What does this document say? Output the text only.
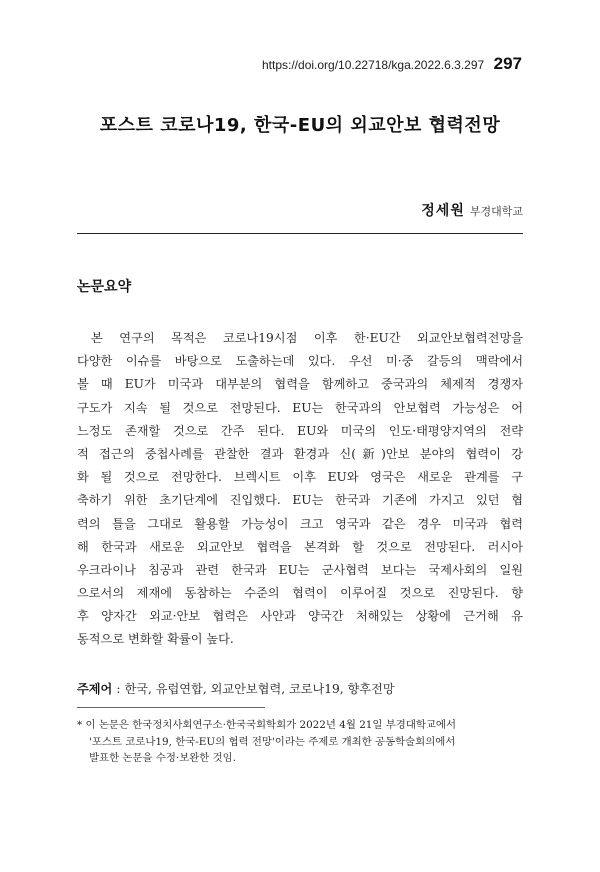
https://doi.org/10.22718/kga.2022.6.3.297 297
포스트 코로나19, 한국-EU의 외교안보 협력전망
정세원 부경대학교
논문요약
본 연구의 목적은 코로나19시점 이후 한·EU간 외교안보협력전망을
다양한 이슈를 바탕으로 도출하는데 있다. 우선 미·중 갈등의 맥락에서
볼 때 EU가 미국과 대부분의 협력을 함께하고 중국과의 체제적 경쟁자
구도가 지속 될 것으로 전망된다. EU는 한국과의 안보협력 가능성은 어
느정도 존재할 것으로 간주 된다. EU와 미국의 인도·태평양지역의 전략
적 접근의 중첩사례를 관찰한 결과 환경과 신(新)안보 분야의 협력이 강
화 될 것으로 전망한다. 브렉시트 이후 EU와 영국은 새로운 관계를 구
축하기 위한 초기단계에 진입했다. EU는 한국과 기존에 가지고 있던 협
력의 틀을 그대로 활용할 가능성이 크고 영국과 같은 경우 미국과 협력
해 한국과 새로운 외교안보 협력을 본격화 할 것으로 전망된다. 러시아
우크라이나 침공과 관련 한국과 EU는 군사협력 보다는 국제사회의 일원
으로서의 제재에 동참하는 수준의 협력이 이루어질 것으로 진망된다. 향
후 양자간 외교·안보 협력은 사안과 양국간 처해있는 상황에 근거해 유
동적으로 변화할 확률이 높다.
주제어 : 한국, 유럽연합, 외교안보협력, 코로나19, 향후전망
* 이 논문은 한국정치사회연구소·한국국회학회가 2022년 4월 21일 부경대학교에서
'포스트 코로나19, 한국-EU의 협력 전망'이라는 주제로 개최한 공동학술회의에서
발표한 논문을 수정·보완한 것임.
